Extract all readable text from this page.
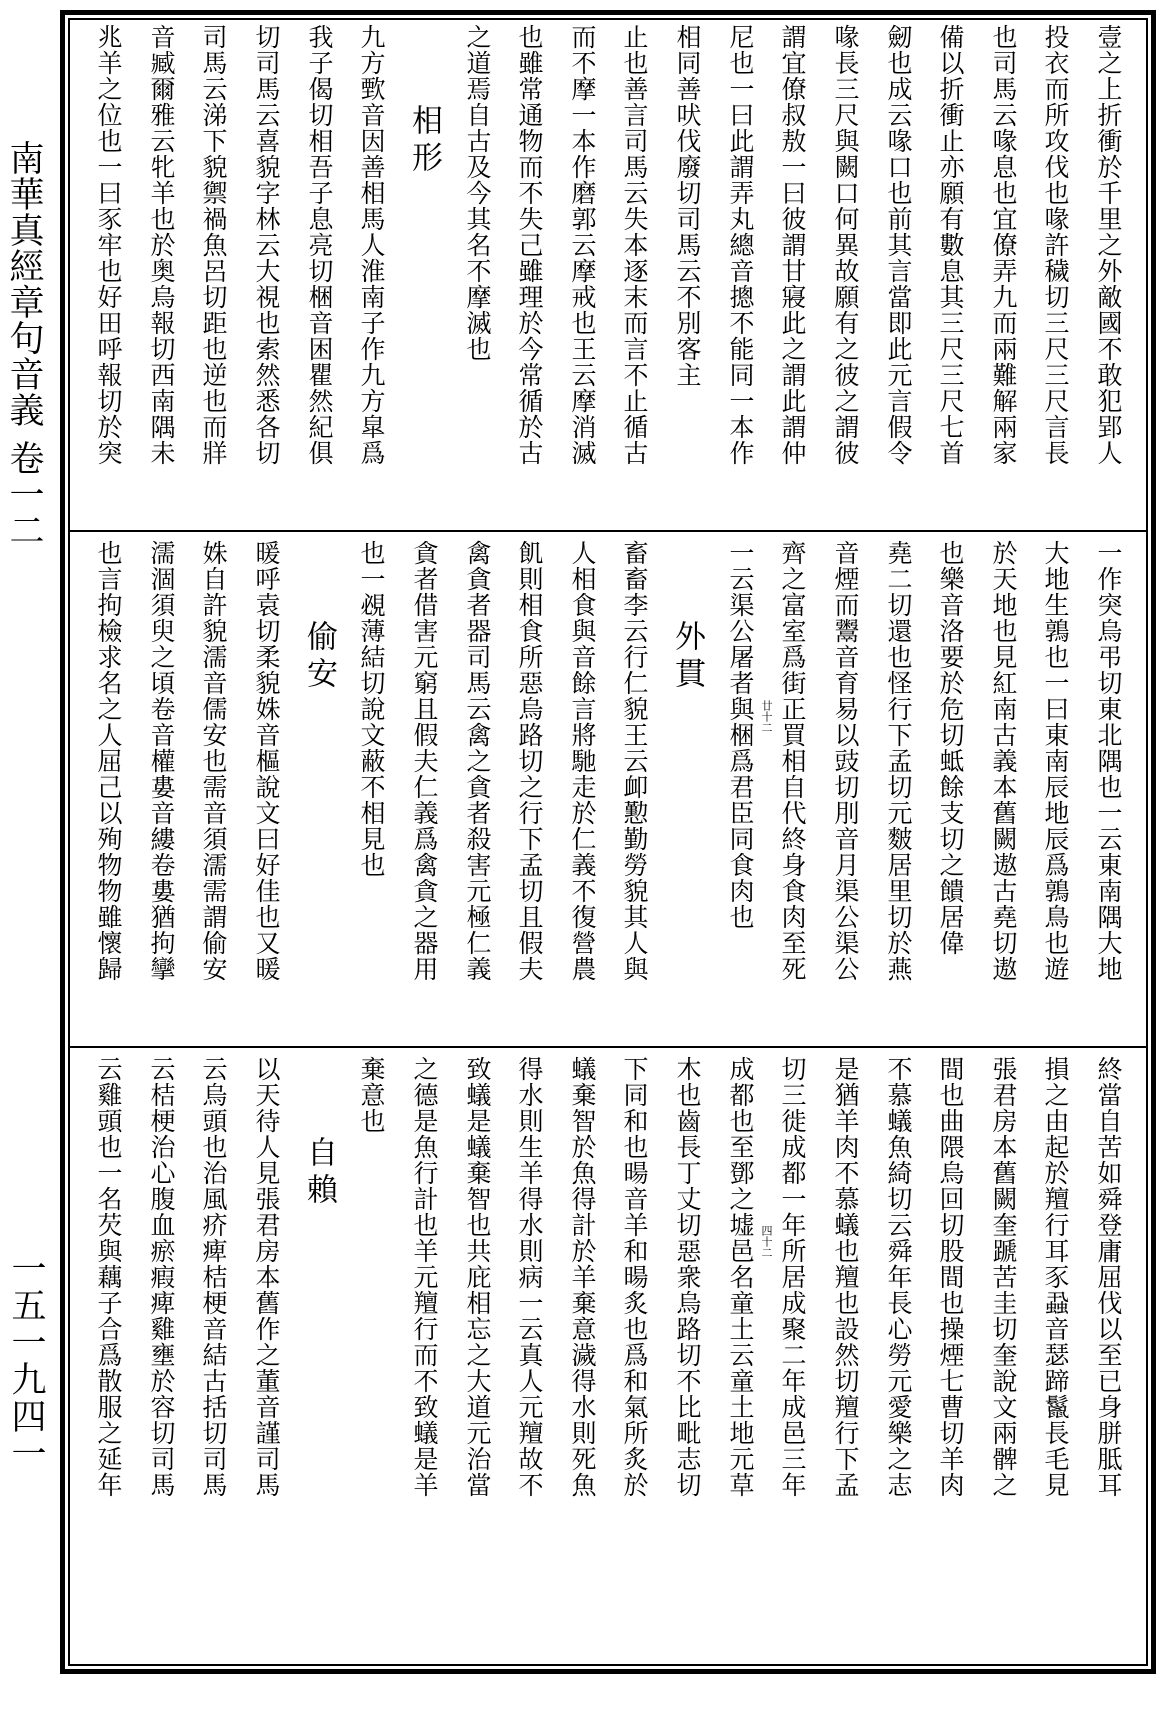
南華真經章句音義 卷一二
一五一九四一
壹之上折衝於千里之外敵國不敢犯郢人
投衣而所攻伐也喙許穢切三尺三尺言長
也司馬云喙息也宜僚弄九而兩難解兩家
備以折衝止亦願有數息其三尺三尺七首
劒也成云喙口也前其言當即此元言假令
喙長三尺與闕口何異故願有之彼之謂彼
謂宜僚叔敖一曰彼謂甘寢此之謂此謂仲
尼也一曰此謂弄丸總音摠不能同一本作
相同善吠伐廢切司馬云不別客主
止也善言司馬云失本逐末而言不止循古
而不摩一本作磨郭云摩戒也王云摩消滅
也雖常通物而不失己雖理於今常循於古
之道焉自古及今其名不摩滅也
相形
九方歅音因善相馬人淮南子作九方皐爲
我子偈切相吾子息亮切梱音困瞿然紀俱
切司馬云喜貌字林云大視也索然悉各切
司馬云涕下貌禦禍魚呂切距也逆也而牂
音臧爾雅云牝羊也於奥烏報切西南隅未
兆羊之位也一曰豕牢也好田呼報切於突
一作突烏弔切東北隅也一云東南隅大地
大地生鶉也一曰東南辰地辰爲鶉鳥也遊
於天地也見紅南古義本舊闕遨古堯切遨
也樂音洛要於危切蚳餘支切之饋居偉
堯二切還也怪行下孟切元麬居里切於燕
音煙而鬻音育易以豉切刖音月渠公渠公
齊之富室爲街正買相自代終身食肉至死
一云渠公屠者與梱爲君臣同食肉也
外貫
畜畜李云行仁貌王云卹懃勤勞貌其人與
人相食與音餘言將馳走於仁義不復營農
飢則相食所惡烏路切之行下孟切且假夫
禽貪者器司馬云禽之貪者殺害元極仁義
貪者借害元窮且假夫仁義爲禽貪之器用
也一覕薄結切說文蔽不相見也
偷安
暖呼袁切柔貌姝音樞說文曰好佳也又暖
姝自許貌濡音儒安也需音須濡需謂偷安
濡涸須臾之頃卷音權婁音縷卷婁猶拘攣
也言拘檢求名之人屈己以殉物物雖懷歸
終當自苦如舜登庸屈伐以至已身胼胝耳
損之由起於羶行耳豕蝨音瑟蹄鬣長毛見
張君房本舊闕奎蹏苦圭切奎說文兩髀之
間也曲隈烏回切股間也操煙七曹切羊肉
不慕蟻魚綺切云舜年長心勞元愛樂之志
是猶羊肉不慕蟻也羶也設然切羶行下孟
切三徙成都一年所居成聚二年成邑三年
成都也至鄧之墟邑名童土云童土地元草
木也齒長丁丈切惡衆烏路切不比毗志切
下同和也暘音羊和暘炙也爲和氣所炙於
蟻棄智於魚得計於羊棄意濊得水則死魚
得水則生羊得水則病一云真人元羶故不
致蟻是蟻棄智也共庇相忘之大道元治當
之德是魚行計也羊元羶行而不致蟻是羊
棄意也
自賴
以天待人見張君房本舊作之董音謹司馬
云烏頭也治風疥痺桔梗音結古括切司馬
云桔梗治心腹血瘀瘕痺雞壅於容切司馬
云雞頭也一名芡與藕子合爲散服之延年
廿十二
四十二
